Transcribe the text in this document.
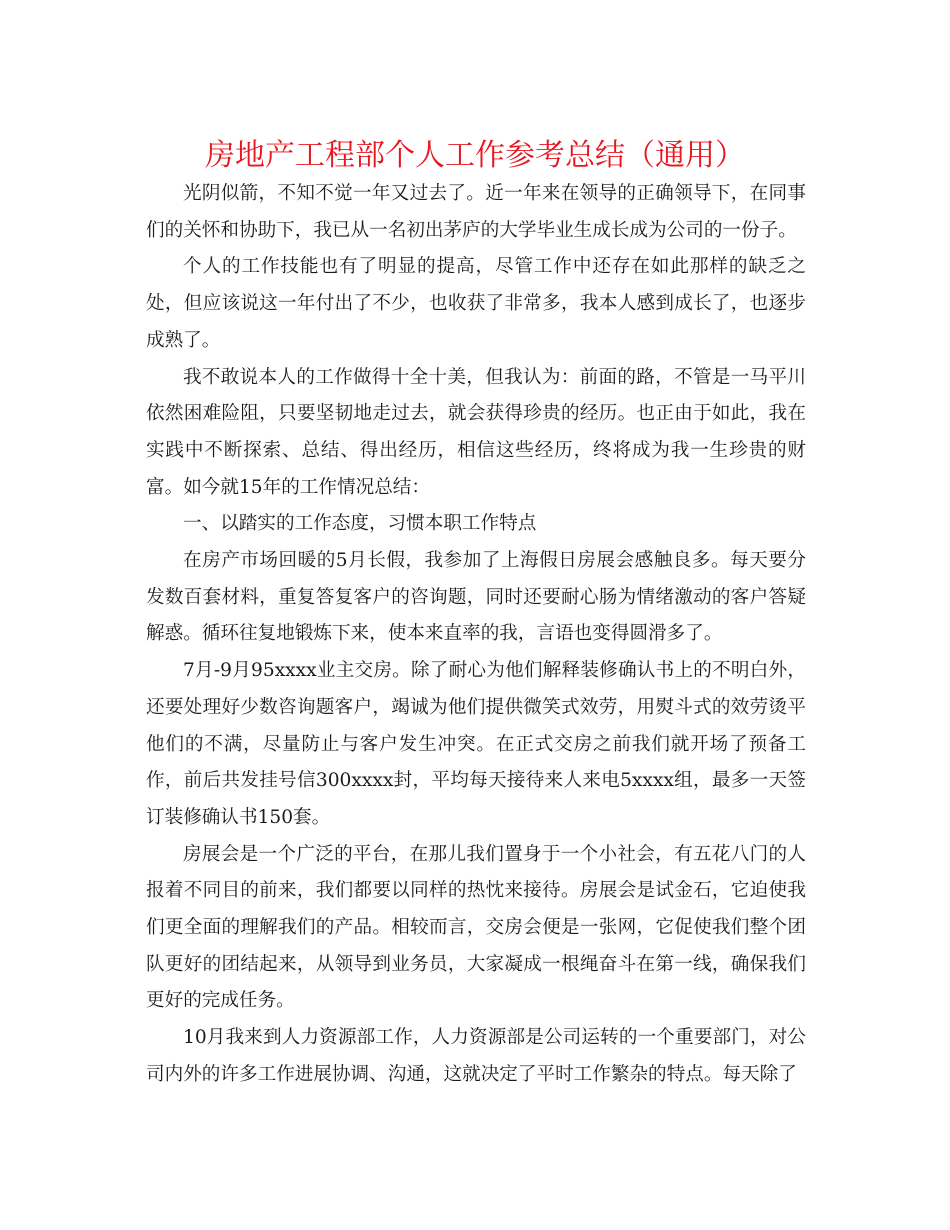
房地产工程部个人工作参考总结（通用）

光阴似箭，不知不觉一年又过去了。近一年来在领导的正确领导下，在同事们的关怀和协助下，我已从一名初出茅庐的大学毕业生成长成为公司的一份子。

个人的工作技能也有了明显的提高，尽管工作中还存在如此那样的缺乏之处，但应该说这一年付出了不少，也收获了非常多，我本人感到成长了，也逐步成熟了。

我不敢说本人的工作做得十全十美，但我认为：前面的路，不管是一马平川依然困难险阻，只要坚韧地走过去，就会获得珍贵的经历。也正由于如此，我在实践中不断探索、总结、得出经历，相信这些经历，终将成为我一生珍贵的财富。如今就15年的工作情况总结：

一、以踏实的工作态度，习惯本职工作特点

在房产市场回暖的5月长假，我参加了上海假日房展会感触良多。每天要分发数百套材料，重复答复客户的咨询题，同时还要耐心肠为情绪激动的客户答疑解惑。循环往复地锻炼下来，使本来直率的我，言语也变得圆滑多了。

7月-9月95xxxx业主交房。除了耐心为他们解释装修确认书上的不明白外，还要处理好少数咨询题客户，竭诚为他们提供微笑式效劳，用熨斗式的效劳烫平他们的不满，尽量防止与客户发生冲突。在正式交房之前我们就开场了预备工作，前后共发挂号信300xxxx封，平均每天接待来人来电5xxxx组，最多一天签订装修确认书150套。

房展会是一个广泛的平台，在那儿我们置身于一个小社会，有五花八门的人报着不同目的前来，我们都要以同样的热忱来接待。房展会是试金石，它迫使我们更全面的理解我们的产品。相较而言，交房会便是一张网，它促使我们整个团队更好的团结起来，从领导到业务员，大家凝成一根绳奋斗在第一线，确保我们更好的完成任务。

10月我来到人力资源部工作，人力资源部是公司运转的一个重要部门，对公司内外的许多工作进展协调、沟通，这就决定了平时工作繁杂的特点。每天除了
